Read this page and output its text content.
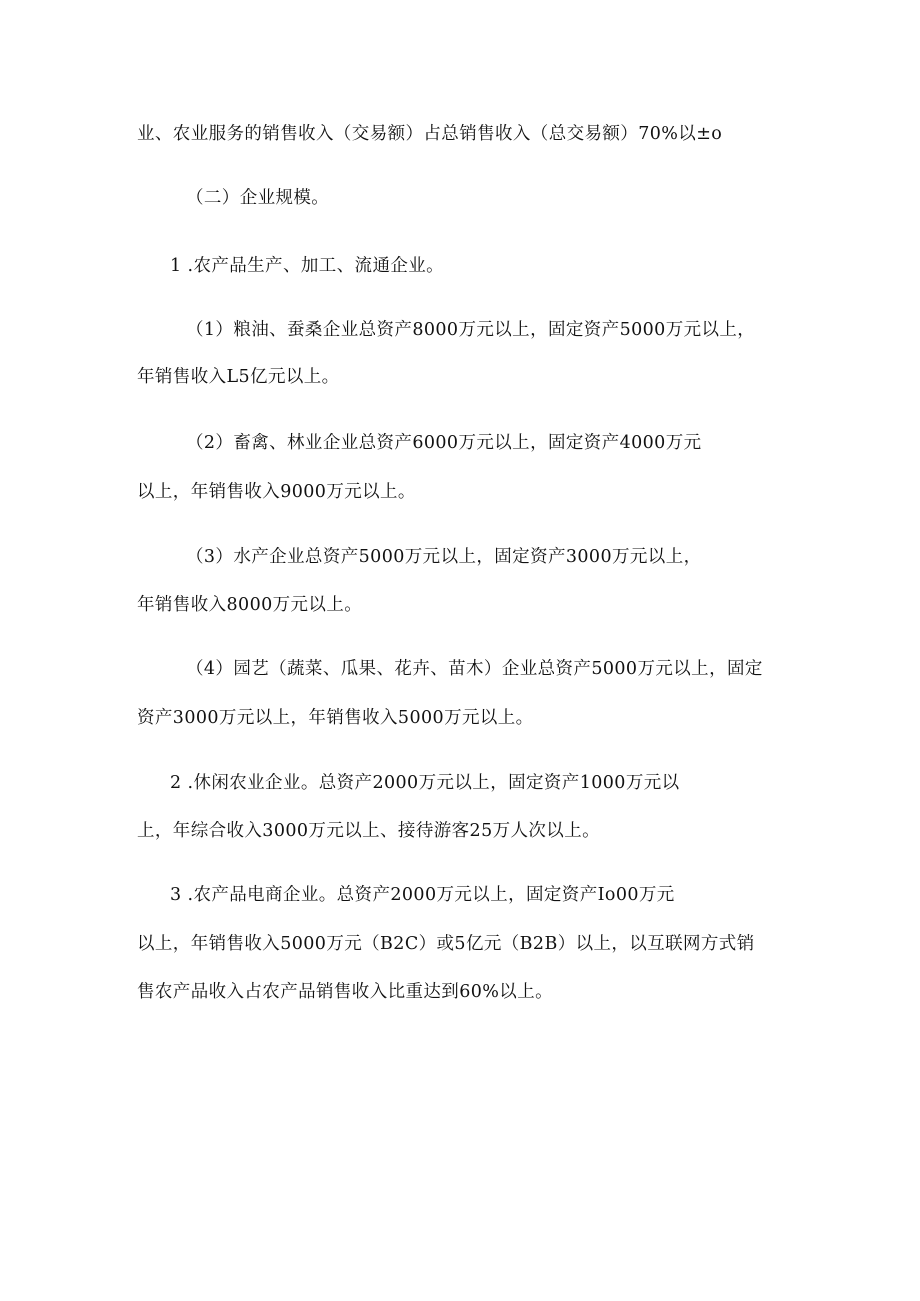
业、农业服务的销售收入（交易额）占总销售收入（总交易额）70%以±o
（二）企业规模。
1 .农产品生产、加工、流通企业。
（1）粮油、蚕桑企业总资产8000万元以上，固定资产5000万元以上，
年销售收入L5亿元以上。
（2）畜禽、林业企业总资产6000万元以上，固定资产4000万元
以上，年销售收入9000万元以上。
（3）水产企业总资产5000万元以上，固定资产3000万元以上，
年销售收入8000万元以上。
（4）园艺（蔬菜、瓜果、花卉、苗木）企业总资产5000万元以上，固定
资产3000万元以上，年销售收入5000万元以上。
2 .休闲农业企业。总资产2000万元以上，固定资产1000万元以
上，年综合收入3000万元以上、接待游客25万人次以上。
3 .农产品电商企业。总资产2000万元以上，固定资产Io00万元
以上，年销售收入5000万元（B2C）或5亿元（B2B）以上，以互联网方式销
售农产品收入占农产品销售收入比重达到60%以上。
